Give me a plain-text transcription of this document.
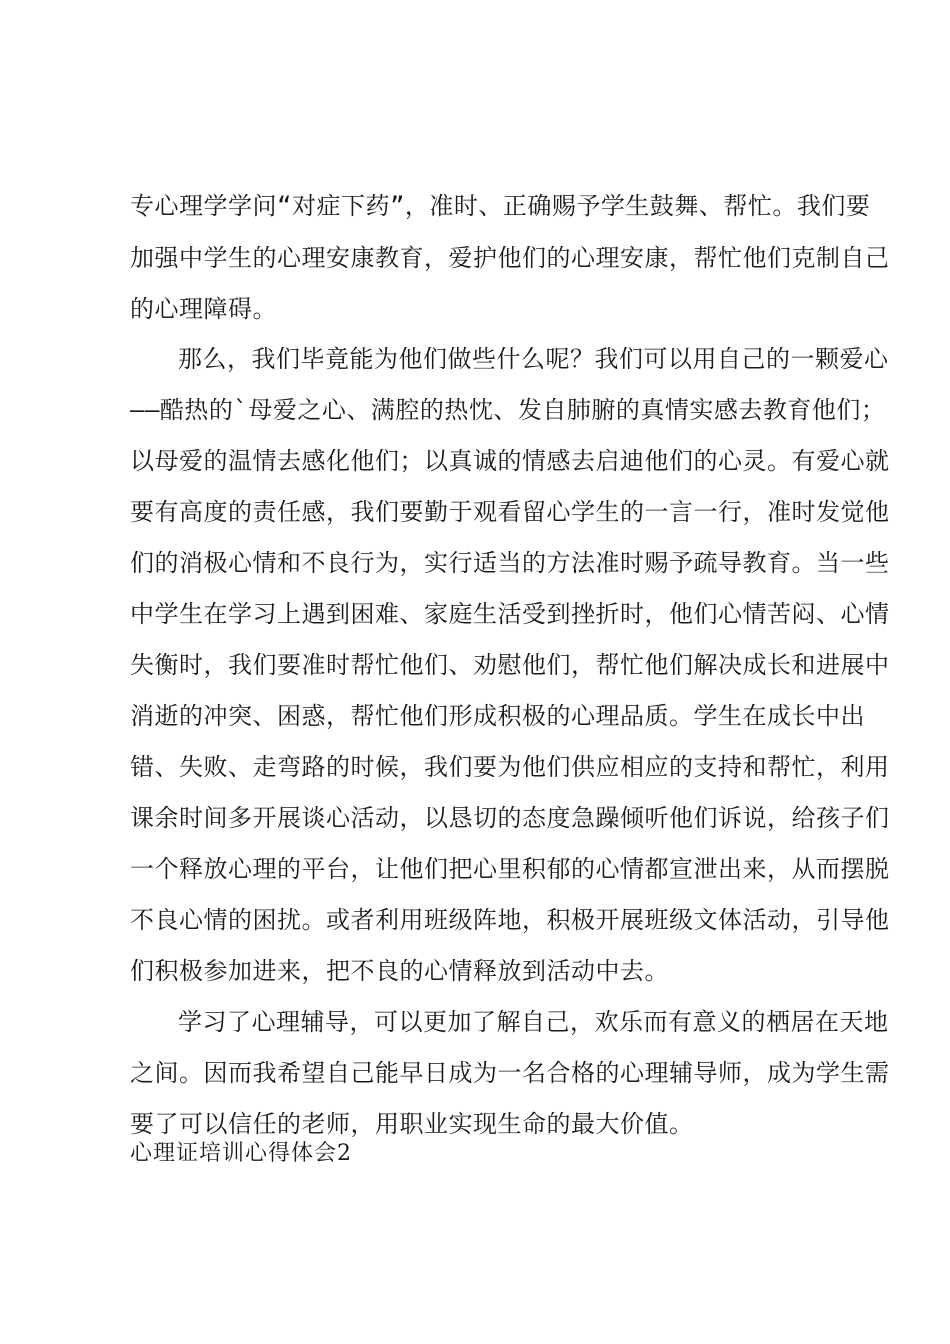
专心理学学问“对症下药”，准时、正确赐予学生鼓舞、帮忙。我们要
加强中学生的心理安康教育，爱护他们的心理安康，帮忙他们克制自己
的心理障碍。
那么，我们毕竟能为他们做些什么呢？我们可以用自己的一颗爱心
——酷热的`母爱之心、满腔的热忱、发自肺腑的真情实感去教育他们；
以母爱的温情去感化他们；以真诚的情感去启迪他们的心灵。有爱心就
要有高度的责任感，我们要勤于观看留心学生的一言一行，准时发觉他
们的消极心情和不良行为，实行适当的方法准时赐予疏导教育。当一些
中学生在学习上遇到困难、家庭生活受到挫折时，他们心情苦闷、心情
失衡时，我们要准时帮忙他们、劝慰他们，帮忙他们解决成长和进展中
消逝的冲突、困惑，帮忙他们形成积极的心理品质。学生在成长中出
错、失败、走弯路的时候，我们要为他们供应相应的支持和帮忙，利用
课余时间多开展谈心活动，以恳切的态度急躁倾听他们诉说，给孩子们
一个释放心理的平台，让他们把心里积郁的心情都宣泄出来，从而摆脱
不良心情的困扰。或者利用班级阵地，积极开展班级文体活动，引导他
们积极参加进来，把不良的心情释放到活动中去。
学习了心理辅导，可以更加了解自己，欢乐而有意义的栖居在天地
之间。因而我希望自己能早日成为一名合格的心理辅导师，成为学生需
要了可以信任的老师，用职业实现生命的最大价值。
心理证培训心得体会2
